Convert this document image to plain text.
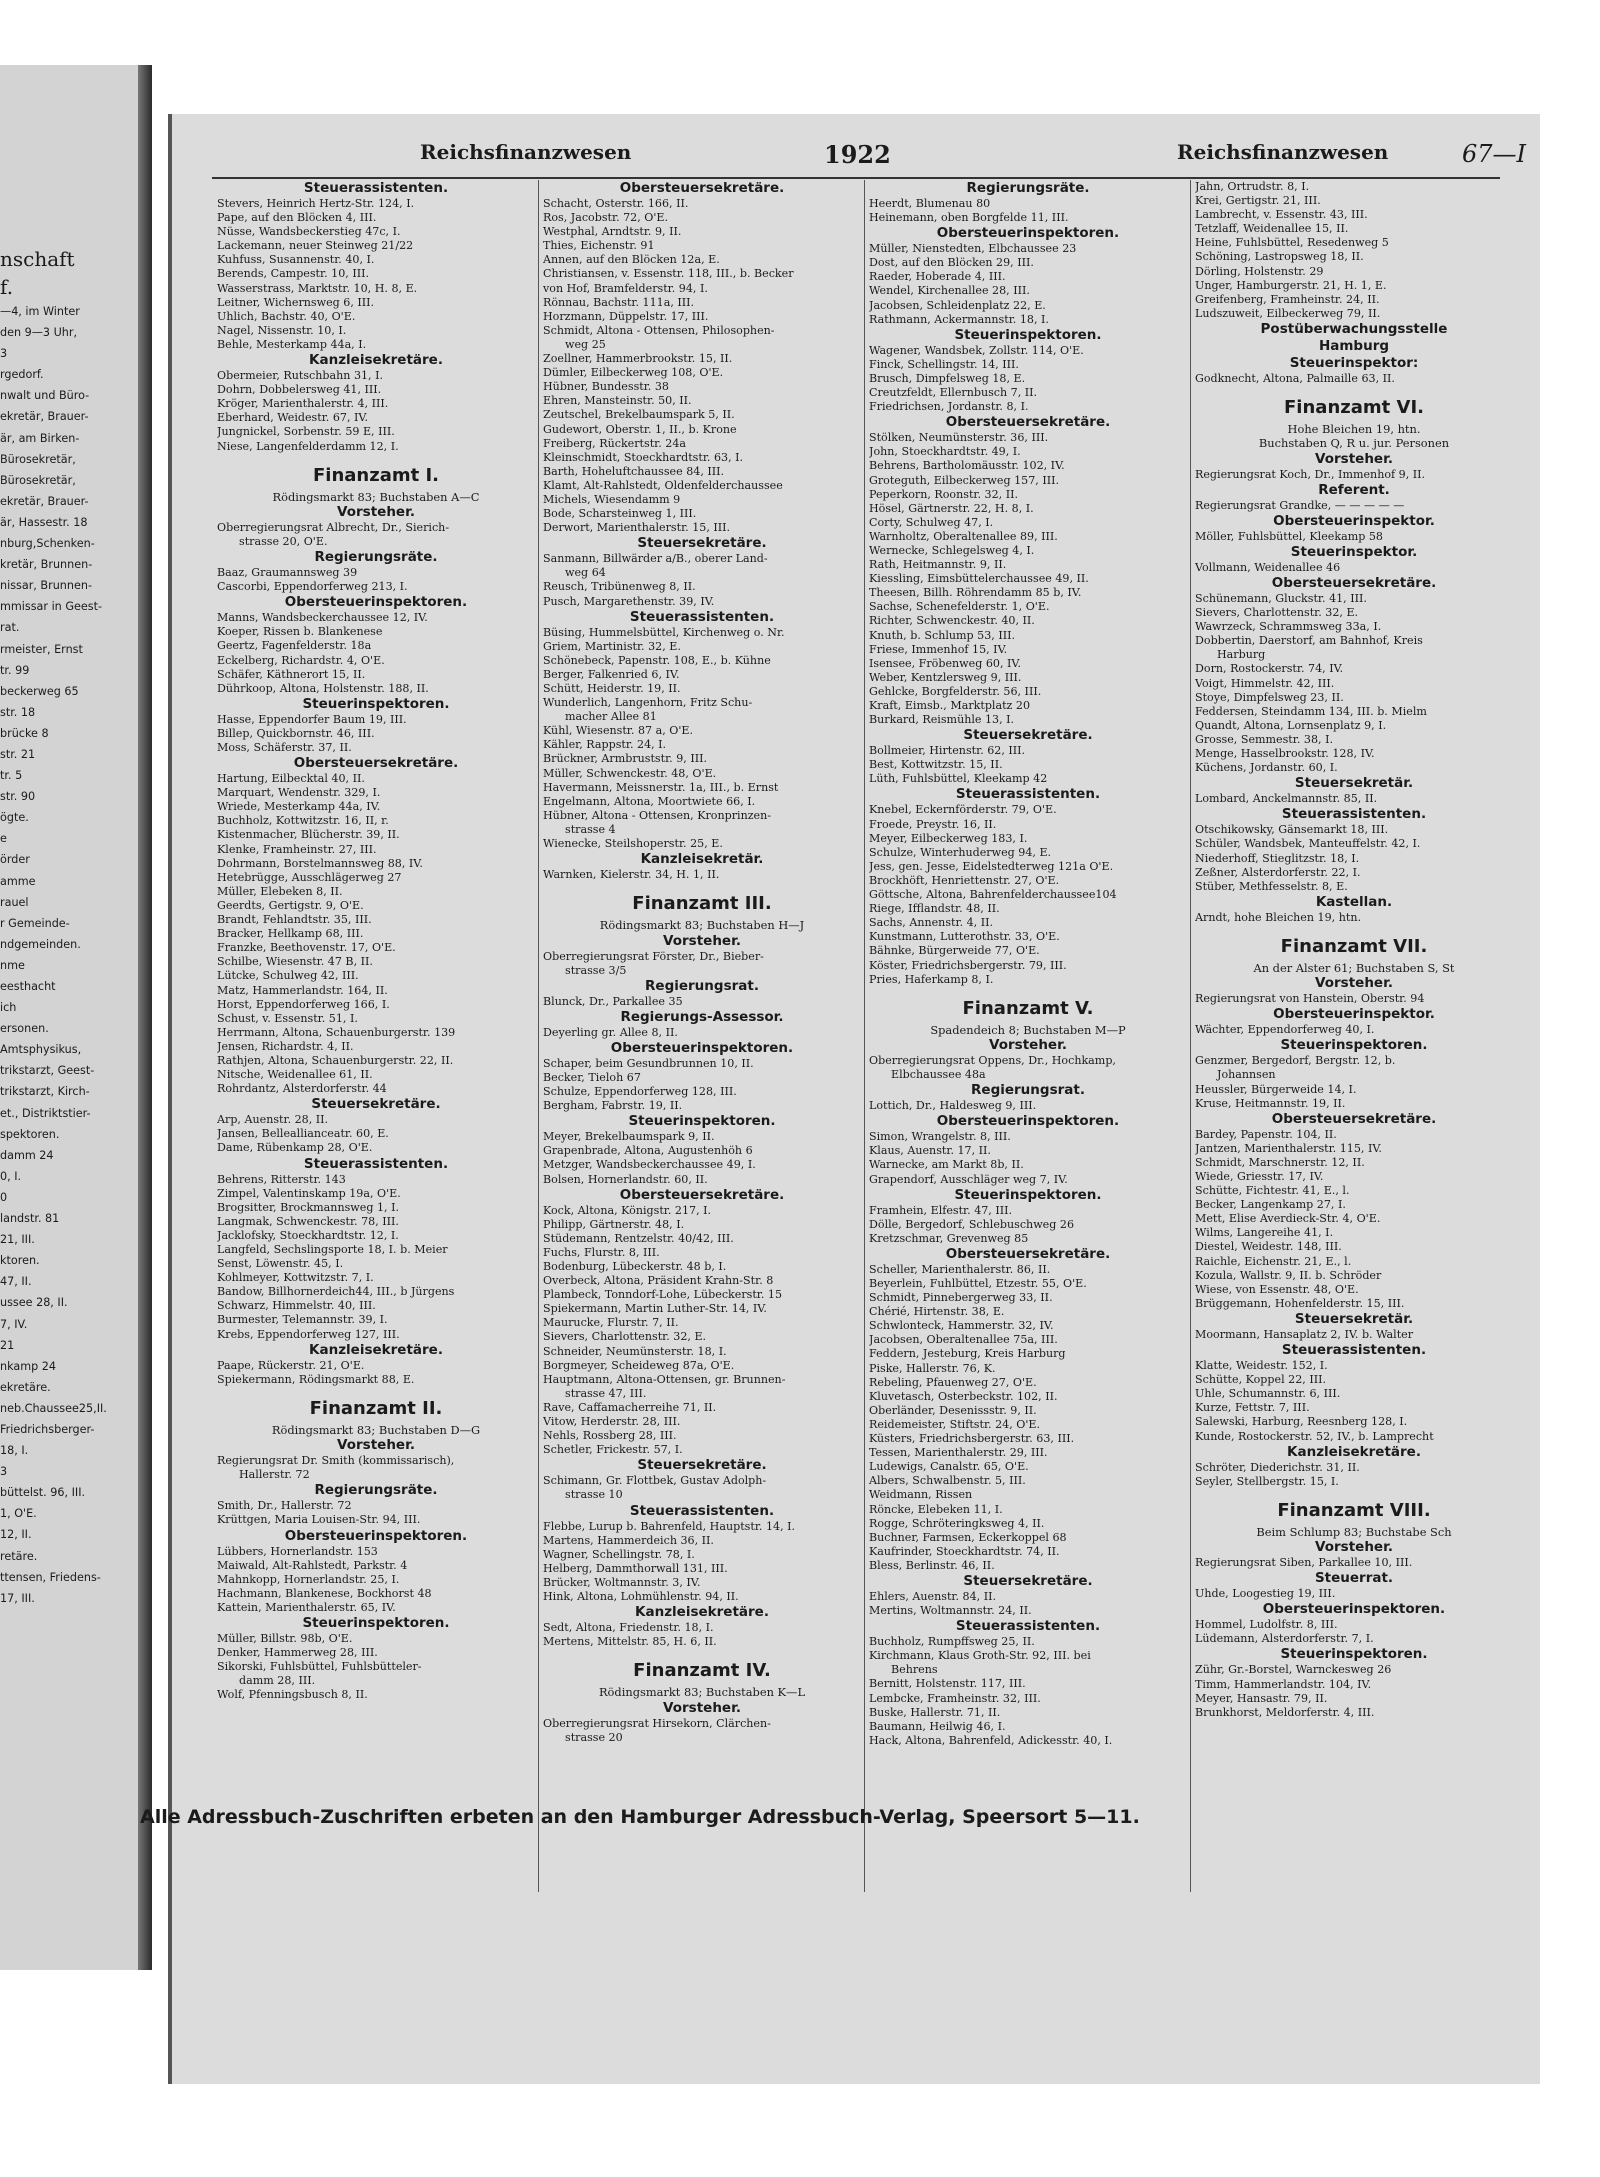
nschaft
f.
—4, im Winter
den 9—3 Uhr,
3
rgedorf.
nwalt und Büro-
ekretär, Brauer-
är, am Birken-
Bürosekretär,
Bürosekretär,
ekretär, Brauer-
är, Hassestr. 18
nburg,Schenken-
kretär, Brunnen-
nissar, Brunnen-
mmissar in Geest-
rat.
rmeister, Ernst
tr. 99
beckerweg 65
str. 18
brücke 8
str. 21
tr. 5
str. 90
ögte.
e
örder
amme
rauel
r Gemeinde-
ndgemeinden.
nme
eesthacht
ich
ersonen.
Amtsphysikus,
trikstarzt, Geest-
trikstarzt, Kirch-
et., Distriktstier-
spektoren.
damm 24
0, I.
0
landstr. 81
21, III.
ktoren.
47, II.
ussee 28, II.
7, IV.
21
nkamp 24
ekretäre.
neb.Chaussee25,II.
Friedrichsberger-
18, I.
3
büttelst. 96, III.
1, O'E.
12, II.
retäre.
ttensen, Friedens-
17, III.
Reichsfinanzwesen	1922	Reichsfinanzwesen	67—I
Steuerassistenten.
Stevers, Heinrich Hertz-Str. 124, I.
Pape, auf den Blöcken 4, III.
Nüsse, Wandsbeckerstieg 47c, I.
Lackemann, neuer Steinweg 21/22
Kuhfuss, Susannenstr. 40, I.
Berends, Campestr. 10, III.
Wasserstrass, Marktstr. 10, H. 8, E.
Leitner, Wichernsweg 6, III.
Uhlich, Bachstr. 40, O'E.
Nagel, Nissenstr. 10, I.
Behle, Mesterkamp 44a, I.
Kanzleisekretäre.
Obermeier, Rutschbahn 31, I.
Dohrn, Dobbelersweg 41, III.
Kröger, Marienthalerstr. 4, III.
Eberhard, Weidestr. 67, IV.
Jungnickel, Sorbenstr. 59 E, III.
Niese, Langenfelderdamm 12, I.
Finanzamt I.
Rödingsmarkt 83; Buchstaben A—C
Vorsteher.
Oberregierungsrat Albrecht, Dr., Sierich-
strasse 20, O'E.
Regierungsräte.
Baaz, Graumannsweg 39
Cascorbi, Eppendorferweg 213, I.
Obersteuerinspektoren.
Manns, Wandsbeckerchaussee 12, IV.
Koeper, Rissen b. Blankenese
Geertz, Fagenfelderstr. 18a
Eckelberg, Richardstr. 4, O'E.
Schäfer, Käthnerort 15, II.
Dührkoop, Altona, Holstenstr. 188, II.
Steuerinspektoren.
Hasse, Eppendorfer Baum 19, III.
Billep, Quickbornstr. 46, III.
Moss, Schäferstr. 37, II.
Obersteuersekretäre.
Hartung, Eilbecktal 40, II.
Marquart, Wendenstr. 329, I.
Wriede, Mesterkamp 44a, IV.
Buchholz, Kottwitzstr. 16, II, r.
Kistenmacher, Blücherstr. 39, II.
Klenke, Framheinstr. 27, III.
Dohrmann, Borstelmannsweg 88, IV.
Hetebrügge, Ausschlägerweg 27
Müller, Elebeken 8, II.
Geerdts, Gertigstr. 9, O'E.
Brandt, Fehlandtstr. 35, III.
Bracker, Hellkamp 68, III.
Franzke, Beethovenstr. 17, O'E.
Schilbe, Wiesenstr. 47 B, II.
Lütcke, Schulweg 42, III.
Matz, Hammerlandstr. 164, II.
Horst, Eppendorferweg 166, I.
Schust, v. Essenstr. 51, I.
Herrmann, Altona, Schauenburgerstr. 139
Jensen, Richardstr. 4, II.
Rathjen, Altona, Schauenburgerstr. 22, II.
Nitsche, Weidenallee 61, II.
Rohrdantz, Alsterdorferstr. 44
Steuersekretäre.
Arp, Auenstr. 28, II.
Jansen, Belleallianceatr. 60, E.
Dame, Rübenkamp 28, O'E.
Steuerassistenten.
Behrens, Ritterstr. 143
Zimpel, Valentinskamp 19a, O'E.
Brogsitter, Brockmannsweg 1, I.
Langmak, Schwenckestr. 78, III.
Jacklofsky, Stoeckhardtstr. 12, I.
Langfeld, Sechslingsporte 18, I. b. Meier
Senst, Löwenstr. 45, I.
Kohlmeyer, Kottwitzstr. 7, I.
Bandow, Billhornerdeich44, III., b Jürgens
Schwarz, Himmelstr. 40, III.
Burmester, Telemannstr. 39, I.
Krebs, Eppendorferweg 127, III.
Kanzleisekretäre.
Paape, Rückerstr. 21, O'E.
Spiekermann, Rödingsmarkt 88, E.
Finanzamt II.
Rödingsmarkt 83; Buchstaben D—G
Vorsteher.
Regierungsrat Dr. Smith (kommissarisch),
Hallerstr. 72
Regierungsräte.
Smith, Dr., Hallerstr. 72
Krüttgen, Maria Louisen-Str. 94, III.
Obersteuerinspektoren.
Lübbers, Hornerlandstr. 153
Maiwald, Alt-Rahlstedt, Parkstr. 4
Mahnkopp, Hornerlandstr. 25, I.
Hachmann, Blankenese, Bockhorst 48
Kattein, Marienthalerstr. 65, IV.
Steuerinspektoren.
Müller, Billstr. 98b, O'E.
Denker, Hammerweg 28, III.
Sikorski, Fuhlsbüttel, Fuhlsbütteler-
damm 28, III.
Wolf, Pfenningsbusch 8, II.
Obersteuersekretäre.
Schacht, Osterstr. 166, II.
Ros, Jacobstr. 72, O'E.
Westphal, Arndtstr. 9, II.
Thies, Eichenstr. 91
Annen, auf den Blöcken 12a, E.
Christiansen, v. Essenstr. 118, III., b. Becker
von Hof, Bramfelderstr. 94, I.
Rönnau, Bachstr. 111a, III.
Horzmann, Düppelstr. 17, III.
Schmidt, Altona - Ottensen, Philosophen-
weg 25
Zoellner, Hammerbrookstr. 15, II.
Dümler, Eilbeckerweg 108, O'E.
Hübner, Bundesstr. 38
Ehren, Mansteinstr. 50, II.
Zeutschel, Brekelbaumspark 5, II.
Gudewort, Oberstr. 1, II., b. Krone
Freiberg, Rückertstr. 24a
Kleinschmidt, Stoeckhardtstr. 63, I.
Barth, Hoheluftchaussee 84, III.
Klamt, Alt-Rahlstedt, Oldenfelderchaussee
Michels, Wiesendamm 9
Bode, Scharsteinweg 1, III.
Derwort, Marienthalerstr. 15, III.
Steuersekretäre.
Sanmann, Billwärder a/B., oberer Land-
weg 64
Reusch, Tribünenweg 8, II.
Pusch, Margarethenstr. 39, IV.
Steuerassistenten.
Büsing, Hummelsbüttel, Kirchenweg o. Nr.
Griem, Martinistr. 32, E.
Schönebeck, Papenstr. 108, E., b. Kühne
Berger, Falkenried 6, IV.
Schütt, Heiderstr. 19, II.
Wunderlich, Langenhorn, Fritz Schu-
macher Allee 81
Kühl, Wiesenstr. 87 a, O'E.
Kähler, Rappstr. 24, I.
Brückner, Armbruststr. 9, III.
Müller, Schwenckestr. 48, O'E.
Havermann, Meissnerstr. 1a, III., b. Ernst
Engelmann, Altona, Moortwiete 66, I.
Hübner, Altona - Ottensen, Kronprinzen-
strasse 4
Wienecke, Steilshoperstr. 25, E.
Kanzleisekretär.
Warnken, Kielerstr. 34, H. 1, II.
Finanzamt III.
Rödingsmarkt 83; Buchstaben H—J
Vorsteher.
Oberregierungsrat Förster, Dr., Bieber-
strasse 3/5
Regierungsrat.
Blunck, Dr., Parkallee 35
Regierungs-Assessor.
Deyerling gr. Allee 8, II.
Obersteuerinspektoren.
Schaper, beim Gesundbrunnen 10, II.
Becker, Tieloh 67
Schulze, Eppendorferweg 128, III.
Bergham, Fabrstr. 19, II.
Steuerinspektoren.
Meyer, Brekelbaumspark 9, II.
Grapenbrade, Altona, Augustenhöh 6
Metzger, Wandsbeckerchaussee 49, I.
Bolsen, Hornerlandstr. 60, II.
Obersteuersekretäre.
Kock, Altona, Königstr. 217, I.
Philipp, Gärtnerstr. 48, I.
Stüdemann, Rentzelstr. 40/42, III.
Fuchs, Flurstr. 8, III.
Bodenburg, Lübeckerstr. 48 b, I.
Overbeck, Altona, Präsident Krahn-Str. 8
Plambeck, Tonndorf-Lohe, Lübeckerstr. 15
Spiekermann, Martin Luther-Str. 14, IV.
Maurucke, Flurstr. 7, II.
Sievers, Charlottenstr. 32, E.
Schneider, Neumünsterstr. 18, I.
Borgmeyer, Scheideweg 87a, O'E.
Hauptmann, Altona-Ottensen, gr. Brunnen-
strasse 47, III.
Rave, Caffamacherreihe 71, II.
Vitow, Herderstr. 28, III.
Nehls, Rossberg 28, III.
Schetler, Frickestr. 57, I.
Steuersekretäre.
Schimann, Gr. Flottbek, Gustav Adolph-
strasse 10
Steuerassistenten.
Flebbe, Lurup b. Bahrenfeld, Hauptstr. 14, I.
Martens, Hammerdeich 36, II.
Wagner, Schellingstr. 78, I.
Helberg, Dammthorwall 131, III.
Brücker, Woltmannstr. 3, IV.
Hink, Altona, Lohmühlenstr. 94, II.
Kanzleisekretäre.
Sedt, Altona, Friedenstr. 18, I.
Mertens, Mittelstr. 85, H. 6, II.
Finanzamt IV.
Rödingsmarkt 83; Buchstaben K—L
Vorsteher.
Oberregierungsrat Hirsekorn, Clärchen-
strasse 20
Regierungsräte.
Heerdt, Blumenau 80
Heinemann, oben Borgfelde 11, III.
Obersteuerinspektoren.
Müller, Nienstedten, Elbchaussee 23
Dost, auf den Blöcken 29, III.
Raeder, Hoberade 4, III.
Wendel, Kirchenallee 28, III.
Jacobsen, Schleidenplatz 22, E.
Rathmann, Ackermannstr. 18, I.
Steuerinspektoren.
Wagener, Wandsbek, Zollstr. 114, O'E.
Finck, Schellingstr. 14, III.
Brusch, Dimpfelsweg 18, E.
Creutzfeldt, Ellernbusch 7, II.
Friedrichsen, Jordanstr. 8, I.
Obersteuersekretäre.
Stölken, Neumünsterstr. 36, III.
John, Stoeckhardtstr. 49, I.
Behrens, Bartholomäusstr. 102, IV.
Groteguth, Eilbeckerweg 157, III.
Peperkorn, Roonstr. 32, II.
Hösel, Gärtnerstr. 22, H. 8, I.
Corty, Schulweg 47, I.
Warnholtz, Oberaltenallee 89, III.
Wernecke, Schlegelsweg 4, I.
Rath, Heitmannstr. 9, II.
Kiessling, Eimsbüttelerchaussee 49, II.
Theesen, Billh. Röhrendamm 85 b, IV.
Sachse, Schenefelderstr. 1, O'E.
Richter, Schwenckestr. 40, II.
Knuth, b. Schlump 53, III.
Friese, Immenhof 15, IV.
Isensee, Fröbenweg 60, IV.
Weber, Kentzlersweg 9, III.
Gehlcke, Borgfelderstr. 56, III.
Kraft, Eimsb., Marktplatz 20
Burkard, Reismühle 13, I.
Steuersekretäre.
Bollmeier, Hirtenstr. 62, III.
Best, Kottwitzstr. 15, II.
Lüth, Fuhlsbüttel, Kleekamp 42
Steuerassistenten.
Knebel, Eckernförderstr. 79, O'E.
Froede, Preystr. 16, II.
Meyer, Eilbeckerweg 183, I.
Schulze, Winterhuderweg 94, E.
Jess, gen. Jesse, Eidelstedterweg 121a O'E.
Brockhöft, Henriettenstr. 27, O'E.
Göttsche, Altona, Bahrenfelderchaussee104
Riege, Ifflandstr. 48, II.
Sachs, Annenstr. 4, II.
Kunstmann, Lutterothstr. 33, O'E.
Bähnke, Bürgerweide 77, O'E.
Köster, Friedrichsbergerstr. 79, III.
Pries, Haferkamp 8, I.
Finanzamt V.
Spadendeich 8; Buchstaben M—P
Vorsteher.
Oberregierungsrat Oppens, Dr., Hochkamp,
Elbchaussee 48a
Regierungsrat.
Lottich, Dr., Haldesweg 9, III.
Obersteuerinspektoren.
Simon, Wrangelstr. 8, III.
Klaus, Auenstr. 17, II.
Warnecke, am Markt 8b, II.
Grapendorf, Ausschläger weg 7, IV.
Steuerinspektoren.
Framhein, Elfestr. 47, III.
Dölle, Bergedorf, Schlebuschweg 26
Kretzschmar, Grevenweg 85
Obersteuersekretäre.
Scheller, Marienthalerstr. 86, II.
Beyerlein, Fuhlbüttel, Etzestr. 55, O'E.
Schmidt, Pinnebergerweg 33, II.
Chérié, Hirtenstr. 38, E.
Schwlonteck, Hammerstr. 32, IV.
Jacobsen, Oberaltenallee 75a, III.
Feddern, Jesteburg, Kreis Harburg
Piske, Hallerstr. 76, K.
Rebeling, Pfauenweg 27, O'E.
Kluvetasch, Osterbeckstr. 102, II.
Oberländer, Desenissstr. 9, II.
Reidemeister, Stiftstr. 24, O'E.
Küsters, Friedrichsbergerstr. 63, III.
Tessen, Marienthalerstr. 29, III.
Ludewigs, Canalstr. 65, O'E.
Albers, Schwalbenstr. 5, III.
Weidmann, Rissen
Röncke, Elebeken 11, I.
Rogge, Schröteringksweg 4, II.
Buchner, Farmsen, Eckerkoppel 68
Kaufrinder, Stoeckhardtstr. 74, II.
Bless, Berlinstr. 46, II.
Steuersekretäre.
Ehlers, Auenstr. 84, II.
Mertins, Woltmannstr. 24, II.
Steuerassistenten.
Buchholz, Rumpffsweg 25, II.
Kirchmann, Klaus Groth-Str. 92, III. bei
Behrens
Bernitt, Holstenstr. 117, III.
Lembcke, Framheinstr. 32, III.
Buske, Hallerstr. 71, II.
Baumann, Heilwig 46, I.
Hack, Altona, Bahrenfeld, Adickesstr. 40, I.
Jahn, Ortrudstr. 8, I.
Krei, Gertigstr. 21, III.
Lambrecht, v. Essenstr. 43, III.
Tetzlaff, Weidenallee 15, II.
Heine, Fuhlsbüttel, Resedenweg 5
Schöning, Lastropsweg 18, II.
Dörling, Holstenstr. 29
Unger, Hamburgerstr. 21, H. 1, E.
Greifenberg, Framheinstr. 24, II.
Ludszuweit, Eilbeckerweg 79, II.
Postüberwachungsstelle
Hamburg
Steuerinspektor:
Godknecht, Altona, Palmaille 63, II.
Finanzamt VI.
Hohe Bleichen 19, htn.
Buchstaben Q, R u. jur. Personen
Vorsteher.
Regierungsrat Koch, Dr., Immenhof 9, II.
Referent.
Regierungsrat Grandke, — — — — —
Obersteuerinspektor.
Möller, Fuhlsbüttel, Kleekamp 58
Steuerinspektor.
Vollmann, Weidenallee 46
Obersteuersekretäre.
Schünemann, Gluckstr. 41, III.
Sievers, Charlottenstr. 32, E.
Wawrzeck, Schrammsweg 33a, I.
Dobbertin, Daerstorf, am Bahnhof, Kreis
Harburg
Dorn, Rostockerstr. 74, IV.
Voigt, Himmelstr. 42, III.
Stoye, Dimpfelsweg 23, II.
Feddersen, Steindamm 134, III. b. Mielm
Quandt, Altona, Lornsenplatz 9, I.
Grosse, Semmestr. 38, I.
Menge, Hasselbrookstr. 128, IV.
Küchens, Jordanstr. 60, I.
Steuersekretär.
Lombard, Anckelmannstr. 85, II.
Steuerassistenten.
Otschikowsky, Gänsemarkt 18, III.
Schüler, Wandsbek, Manteuffelstr. 42, I.
Niederhoff, Stieglitzstr. 18, I.
Zeßner, Alsterdorferstr. 22, I.
Stüber, Methfesselstr. 8, E.
Kastellan.
Arndt, hohe Bleichen 19, htn.
Finanzamt VII.
An der Alster 61; Buchstaben S, St
Vorsteher.
Regierungsrat von Hanstein, Oberstr. 94
Obersteuerinspektor.
Wächter, Eppendorferweg 40, I.
Steuerinspektoren.
Genzmer, Bergedorf, Bergstr. 12, b.
Johannsen
Heussler, Bürgerweide 14, I.
Kruse, Heitmannstr. 19, II.
Obersteuersekretäre.
Bardey, Papenstr. 104, II.
Jantzen, Marienthalerstr. 115, IV.
Schmidt, Marschnerstr. 12, II.
Wiede, Griesstr. 17, IV.
Schütte, Fichtestr. 41, E., l.
Becker, Langenkamp 27, I.
Mett, Elise Averdieck-Str. 4, O'E.
Wilms, Langereihe 41, I.
Diestel, Weidestr. 148, III.
Raichle, Eichenstr. 21, E., l.
Kozula, Wallstr. 9, II. b. Schröder
Wiese, von Essenstr. 48, O'E.
Brüggemann, Hohenfelderstr. 15, III.
Steuersekretär.
Moormann, Hansaplatz 2, IV. b. Walter
Steuerassistenten.
Klatte, Weidestr. 152, I.
Schütte, Koppel 22, III.
Uhle, Schumannstr. 6, III.
Kurze, Fettstr. 7, III.
Salewski, Harburg, Reesnberg 128, I.
Kunde, Rostockerstr. 52, IV., b. Lamprecht
Kanzleisekretäre.
Schröter, Diederichstr. 31, II.
Seyler, Stellbergstr. 15, I.
Finanzamt VIII.
Beim Schlump 83; Buchstabe Sch
Vorsteher.
Regierungsrat Siben, Parkallee 10, III.
Steuerrat.
Uhde, Loogestieg 19, III.
Obersteuerinspektoren.
Hommel, Ludolfstr. 8, III.
Lüdemann, Alsterdorferstr. 7, I.
Steuerinspektoren.
Zühr, Gr.-Borstel, Warnckesweg 26
Timm, Hammerlandstr. 104, IV.
Meyer, Hansastr. 79, II.
Brunkhorst, Meldorferstr. 4, III.
Alle Adressbuch-Zuschriften erbeten an den Hamburger Adressbuch-Verlag, Speersort 5—11.
